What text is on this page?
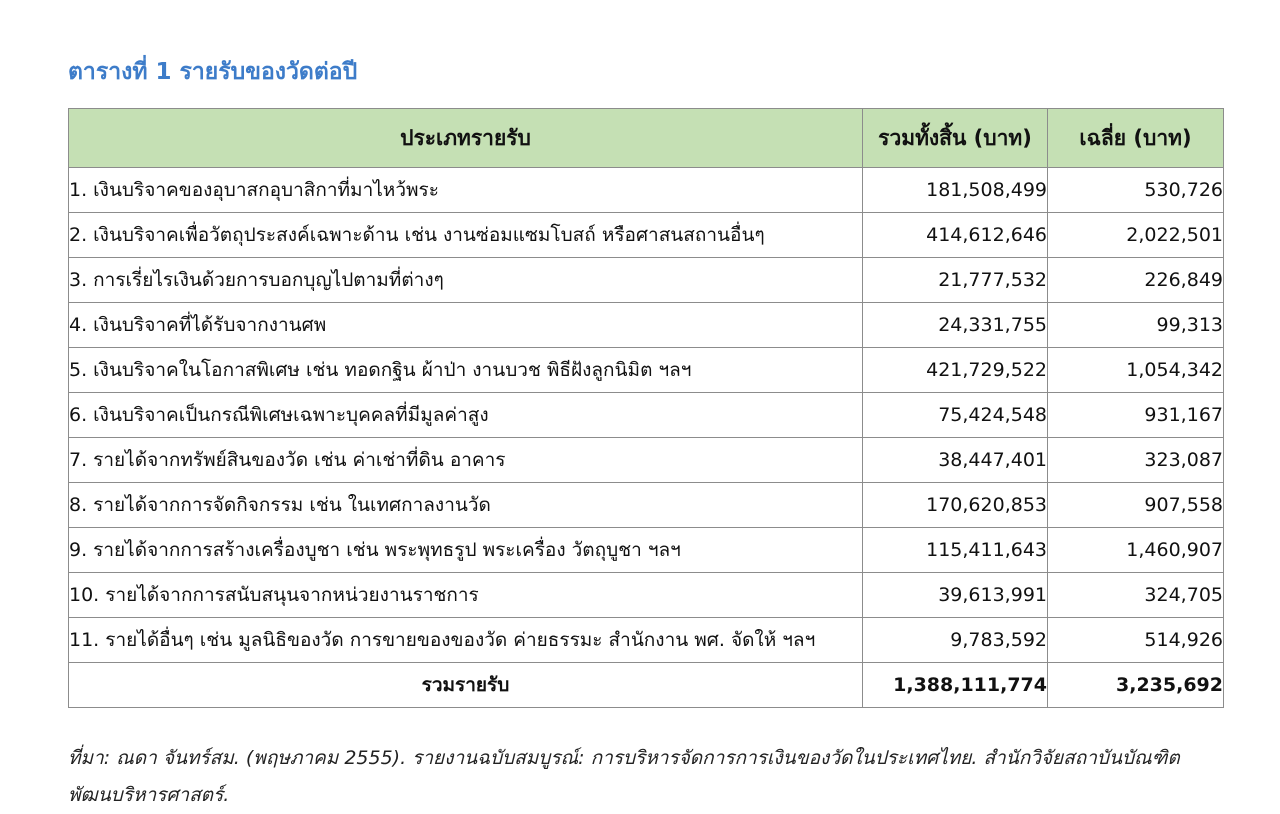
ตารางที่ 1 รายรับของวัดต่อปี
ประเภทรายรับ	รวมทั้งสิ้น (บาท)	เฉลี่ย (บาท)
1. เงินบริจาคของอุบาสกอุบาสิกาที่มาไหว้พระ	181,508,499	530,726
2. เงินบริจาคเพื่อวัตถุประสงค์เฉพาะด้าน เช่น งานซ่อมแซมโบสถ์ หรือศาสนสถานอื่นๆ	414,612,646	2,022,501
3. การเรี่ยไรเงินด้วยการบอกบุญไปตามที่ต่างๆ	21,777,532	226,849
4. เงินบริจาคที่ได้รับจากงานศพ	24,331,755	99,313
5. เงินบริจาคในโอกาสพิเศษ เช่น ทอดกฐิน ผ้าป่า งานบวช พิธีฝังลูกนิมิต ฯลฯ	421,729,522	1,054,342
6. เงินบริจาคเป็นกรณีพิเศษเฉพาะบุคคลที่มีมูลค่าสูง	75,424,548	931,167
7. รายได้จากทรัพย์สินของวัด เช่น ค่าเช่าที่ดิน อาคาร	38,447,401	323,087
8. รายได้จากการจัดกิจกรรม เช่น ในเทศกาลงานวัด	170,620,853	907,558
9. รายได้จากการสร้างเครื่องบูชา เช่น พระพุทธรูป พระเครื่อง วัตถุบูชา ฯลฯ	115,411,643	1,460,907
10. รายได้จากการสนับสนุนจากหน่วยงานราชการ	39,613,991	324,705
11. รายได้อื่นๆ เช่น มูลนิธิของวัด การขายของของวัด ค่ายธรรมะ สำนักงาน พศ. จัดให้ ฯลฯ	9,783,592	514,926
รวมรายรับ	1,388,111,774	3,235,692
ที่มา: ณดา จันทร์สม. (พฤษภาคม 2555). รายงานฉบับสมบูรณ์: การบริหารจัดการการเงินของวัดในประเทศไทย. สำนักวิจัยสถาบันบัณฑิตพัฒนบริหารศาสตร์.
